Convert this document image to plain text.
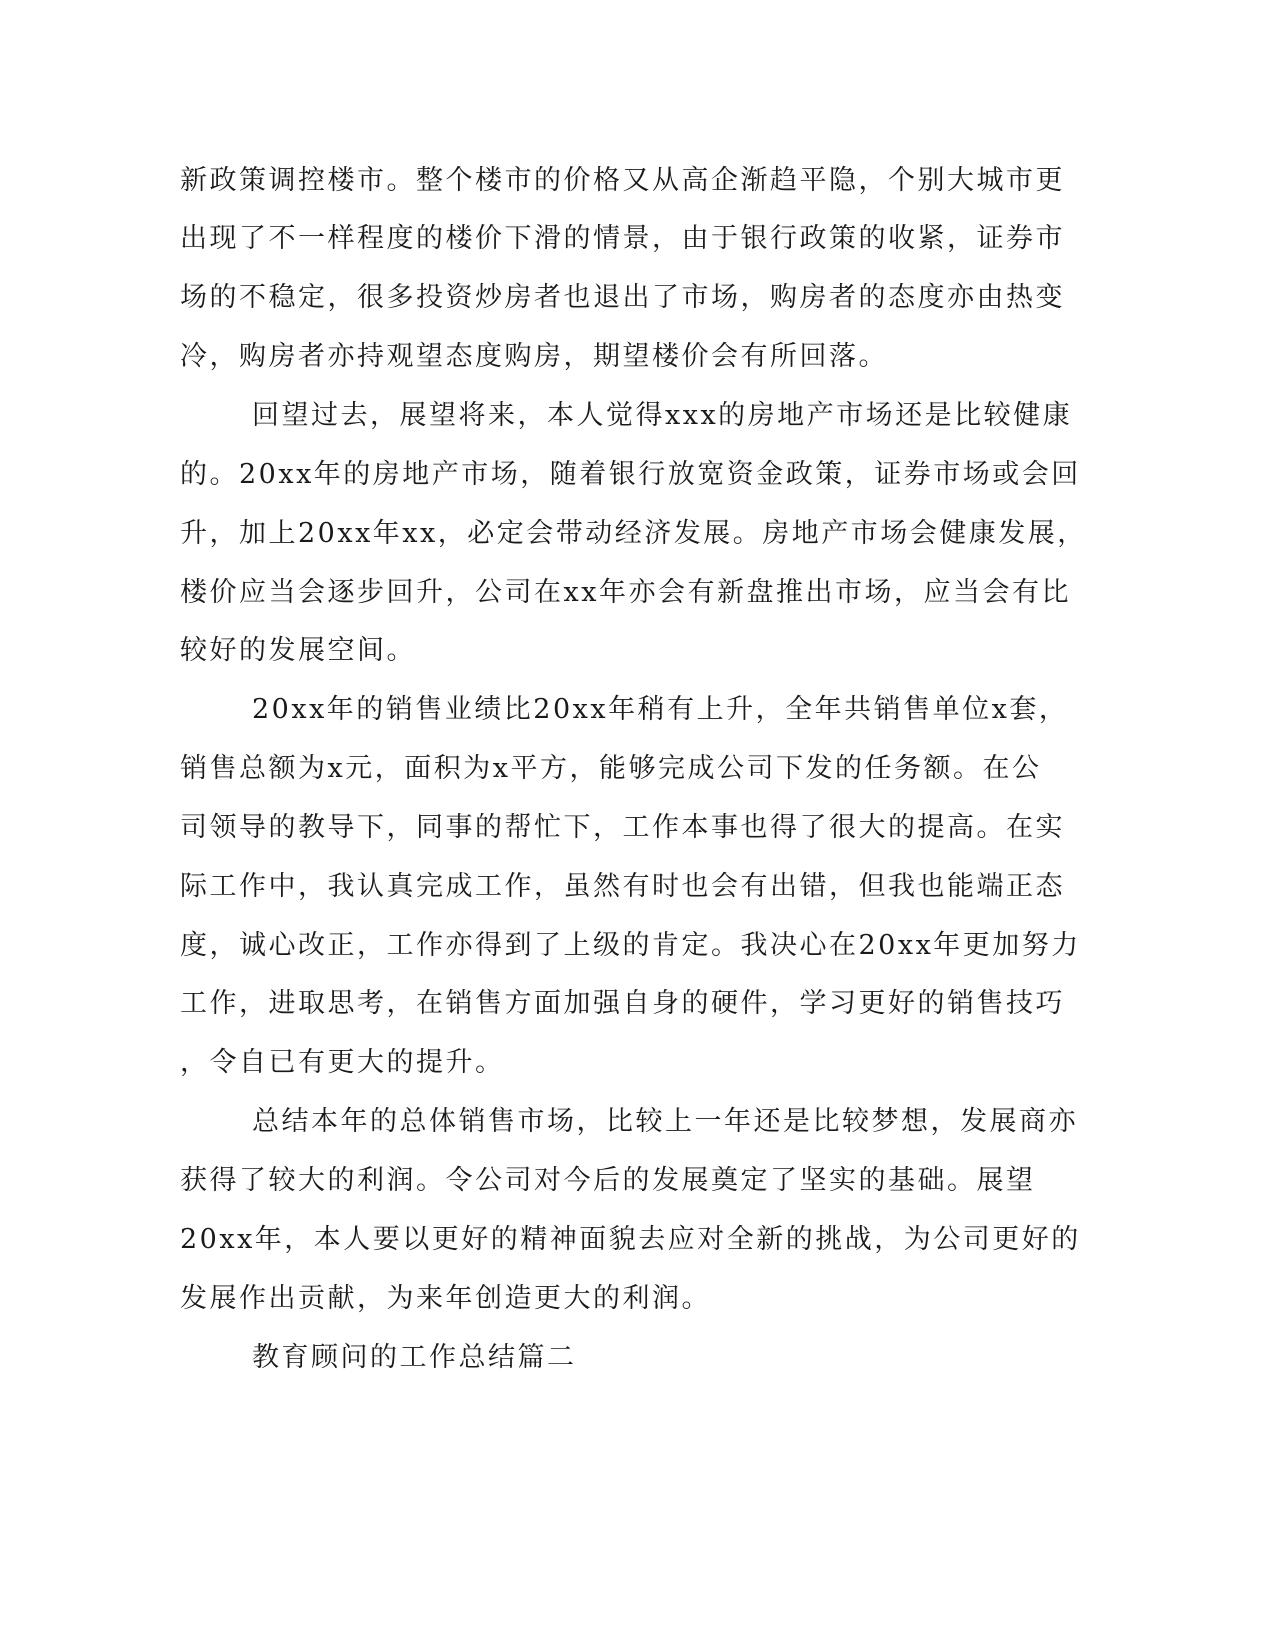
新政策调控楼市。整个楼市的价格又从高企渐趋平隐，个别大城市更
出现了不一样程度的楼价下滑的情景，由于银行政策的收紧，证券市
场的不稳定，很多投资炒房者也退出了市场，购房者的态度亦由热变
冷，购房者亦持观望态度购房，期望楼价会有所回落。
回望过去，展望将来，本人觉得xxx的房地产市场还是比较健康
的。20xx年的房地产市场，随着银行放宽资金政策，证券市场或会回
升，加上20xx年xx，必定会带动经济发展。房地产市场会健康发展，
楼价应当会逐步回升，公司在xx年亦会有新盘推出市场，应当会有比
较好的发展空间。
20xx年的销售业绩比20xx年稍有上升，全年共销售单位x套，
销售总额为x元，面积为x平方，能够完成公司下发的任务额。在公
司领导的教导下，同事的帮忙下，工作本事也得了很大的提高。在实
际工作中，我认真完成工作，虽然有时也会有出错，但我也能端正态
度，诚心改正，工作亦得到了上级的肯定。我决心在20xx年更加努力
工作，进取思考，在销售方面加强自身的硬件，学习更好的销售技巧
，令自已有更大的提升。
总结本年的总体销售市场，比较上一年还是比较梦想，发展商亦
获得了较大的利润。令公司对今后的发展奠定了坚实的基础。展望
20xx年，本人要以更好的精神面貌去应对全新的挑战，为公司更好的
发展作出贡献，为来年创造更大的利润。
教育顾问的工作总结篇二
